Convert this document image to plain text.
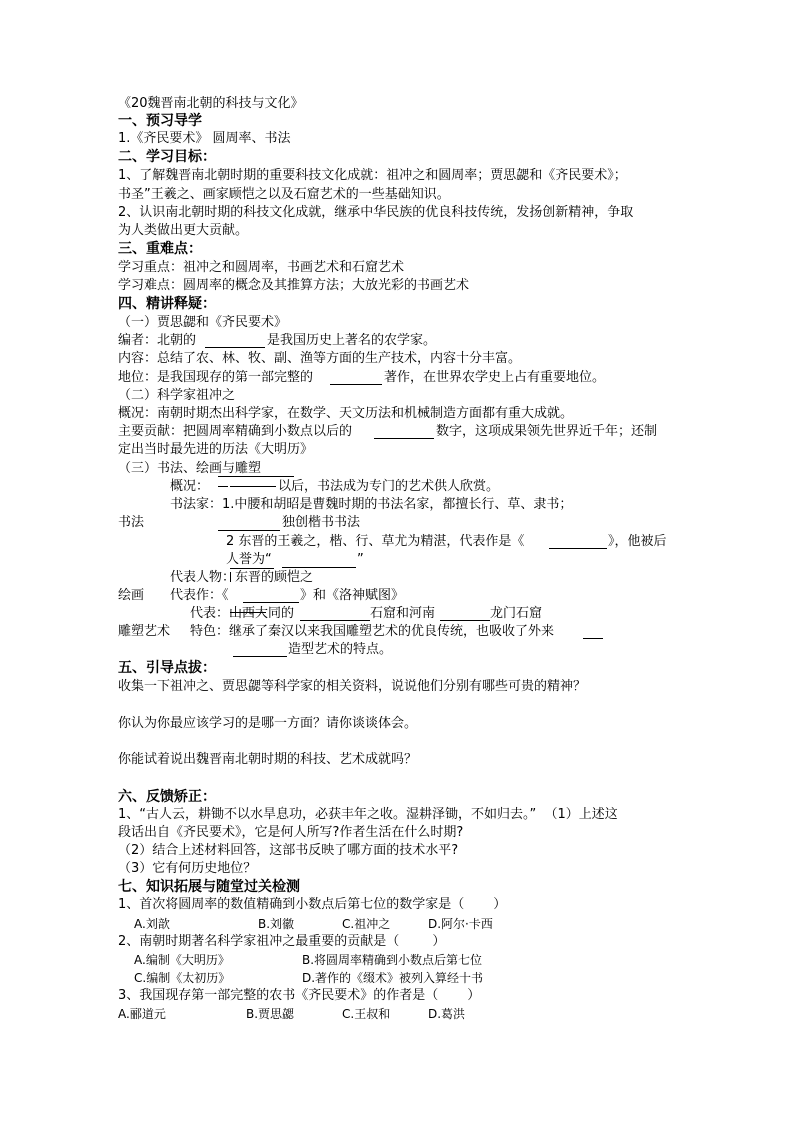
《20魏晋南北朝的科技与文化》
一、预习导学
1.《齐民要术》 圆周率、书法
二、学习目标：
1、了解魏晋南北朝时期的重要科技文化成就：祖冲之和圆周率；贾思勰和《齐民要术》；
书圣”王羲之、画家顾恺之以及石窟艺术的一些基础知识。
2、认识南北朝时期的科技文化成就，继承中华民族的优良科技传统，发扬创新精神，争取
为人类做出更大贡献。
三、重难点：
学习重点：祖冲之和圆周率，书画艺术和石窟艺术
学习难点：圆周率的概念及其推算方法；大放光彩的书画艺术
四、精讲释疑：
（一）贾思勰和《齐民要术》
编者：北朝的	是我国历史上著名的农学家。
内容：总结了农、林、牧、副、渔等方面的生产技术，内容十分丰富。
地位：是我国现存的第一部完整的	著作，在世界农学史上占有重要地位。
（二）科学家祖冲之
概况：南朝时期杰出科学家，在数学、天文历法和机械制造方面都有重大成就。
主要贡献：把圆周率精确到小数点以后的	数字，这项成果领先世界近千年；还制
定出当时最先进的历法《大明历》
（三）书法、绘画与雕塑
概况：	以后，书法成为专门的艺术供人欣赏。
书法家：1.中腰和胡昭是曹魏时期的书法名家，都擅长行、草、隶书；
书法	独创楷书书法
2 东晋的王羲之，楷、行、草尤为精湛，代表作是《	》，他被后
人誉为“	”
代表人物：东晋的顾恺之
绘画 代表作：《	》和《洛神赋图》
代表：山西大同的	石窟和河南	龙门石窟
雕塑艺术 特色：继承了秦汉以来我国雕塑艺术的优良传统，也吸收了外来
造型艺术的特点。
五、引导点拔：
收集一下祖冲之、贾思勰等科学家的相关资料，说说他们分别有哪些可贵的精神？
你认为你最应该学习的是哪一方面？请你谈谈体会。
你能试着说出魏晋南北朝时期的科技、艺术成就吗？
六、反馈矫正：
1、“古人云，耕锄不以水旱息功，必获丰年之收。湿耕泽锄，不如归去。”  （1）上述这
段话出自《齐民要术》，它是何人所写?作者生活在什么时期?
（2）结合上述材料回答，这部书反映了哪方面的技术水平?
（3）它有何历史地位？
七、知识拓展与随堂过关检测
1、首次将圆周率的数值精确到小数点后第七位的数学家是（       ）
A.刘歆	B.刘徽	C.祖冲之	D.阿尔·卡西
2、南朝时期著名科学家祖冲之最重要的贡献是（        ）
A.编制《大明历》	B.将圆周率精确到小数点后第七位
C.编制《太初历》	D.著作的《缀术》被列入算经十书
3、我国现存第一部完整的农书《齐民要术》的作者是（       ）
A.郦道元	B.贾思勰	C.王叔和	D.葛洪
